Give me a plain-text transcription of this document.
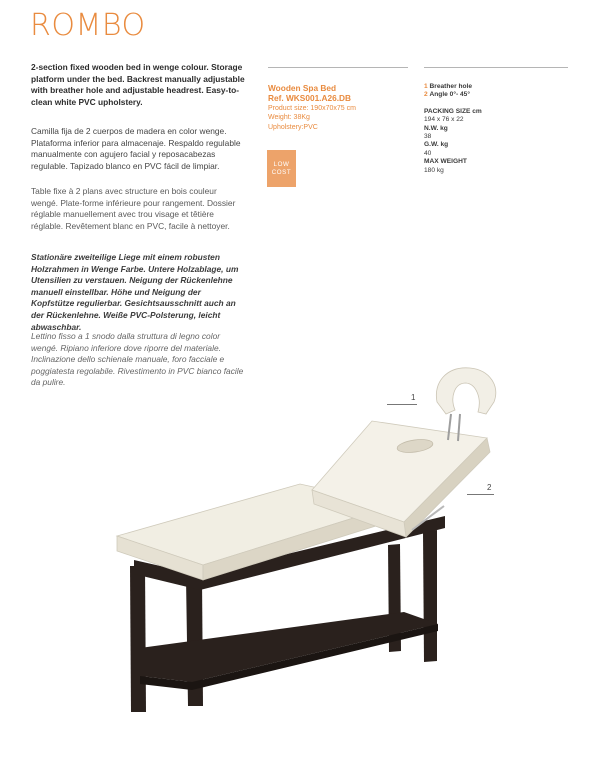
ROMBO
2-section fixed wooden bed in wenge colour. Storage platform under the bed. Backrest manually adjustable with breather hole and adjustable headrest. Easy-to-clean white PVC upholstery.
Camilla fija de 2 cuerpos de madera en color wenge. Plataforma inferior para almacenaje. Respaldo regulable manualmente con agujero facial y reposacabezas regulable. Tapizado blanco en PVC fácil de limpiar.
Table fixe à 2 plans avec structure en bois couleur wengé. Plate-forme inférieure pour rangement. Dossier réglable manuellement avec trou visage et têtière réglable. Revêtement blanc en PVC, facile à nettoyer.
Stationäre zweiteilige Liege mit einem robusten Holzrahmen in Wenge Farbe. Untere Holzablage, um Utensilien zu verstauen. Neigung der Rückenlehne manuell einstellbar. Höhe und Neigung der Kopfstütze regulierbar. Gesichtsausschnitt auch an der Rückenlehne. Weiße PVC-Polsterung, leicht abwaschbar.
Lettino fisso a 1 snodo dalla struttura di legno color wengé. Ripiano inferiore dove riporre del materiale. Inclinazione dello schienale manuale, foro facciale e poggiatesta regolabile. Rivestimento in PVC bianco facile da pulire.
Wooden Spa Bed
Ref. WKS001.A26.DB
Product size: 190x70x75 cm
Weight: 38Kg
Upholstery:PVC
LOW
COST
1 Breather hole
2 Angle 0°- 45°
PACKING SIZE cm
194 x 76 x 22
N.W. kg
38
G.W. kg
40
MAX WEIGHT
180 kg
1
2
